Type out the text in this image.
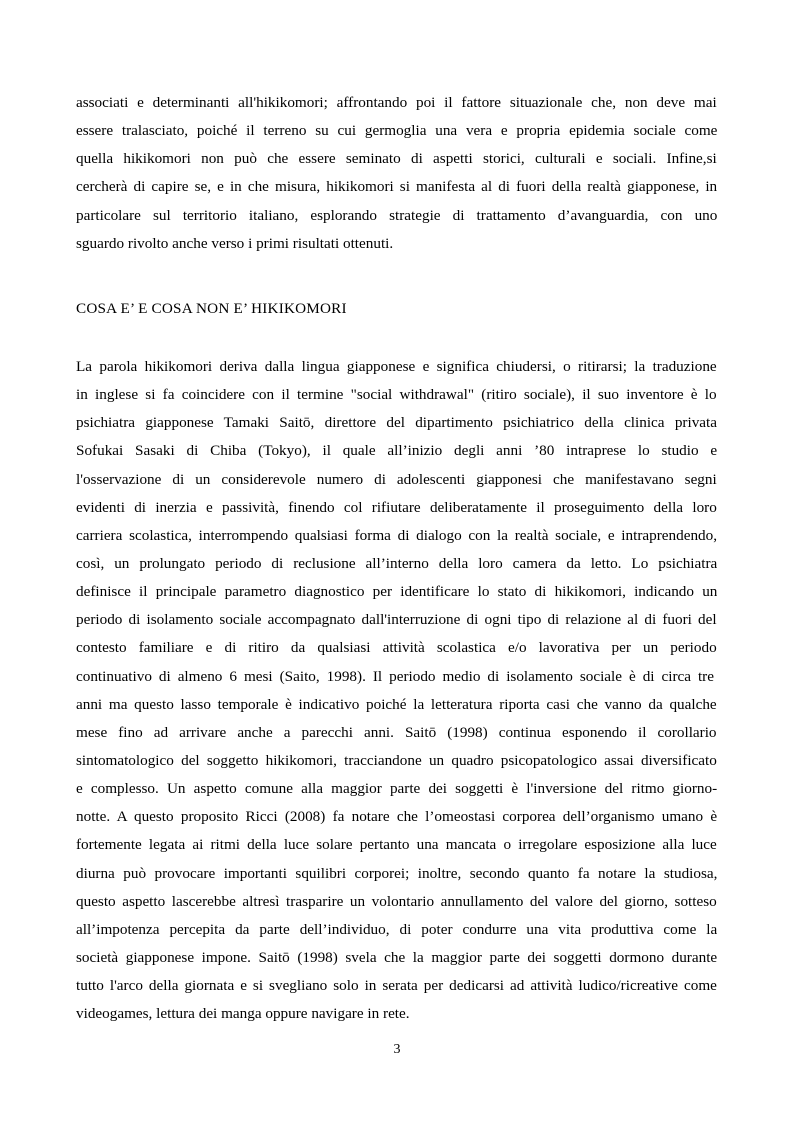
associati e determinanti all'hikikomori; affrontando poi il fattore situazionale che, non deve mai
essere tralasciato, poiché il terreno su cui germoglia una vera e propria epidemia sociale come
quella hikikomori non può che essere seminato di aspetti storici, culturali e sociali. Infine,si
cercherà di capire se, e in che misura, hikikomori si manifesta al di fuori della realtà giapponese, in
particolare sul territorio italiano, esplorando strategie di trattamento d’avanguardia, con uno
sguardo rivolto anche verso i primi risultati ottenuti.

COSA E’ E COSA NON E’ HIKIKOMORI

La parola hikikomori deriva dalla lingua giapponese e significa chiudersi, o ritirarsi; la traduzione
in inglese si fa coincidere con il termine "social withdrawal" (ritiro sociale), il suo inventore è lo
psichiatra giapponese Tamaki Saitō, direttore del dipartimento psichiatrico della clinica privata
Sofukai Sasaki di Chiba (Tokyo), il quale all’inizio degli anni ’80 intraprese lo studio e
l'osservazione di un considerevole numero di adolescenti giapponesi che manifestavano segni
evidenti di inerzia e passività, finendo col rifiutare deliberatamente il proseguimento della loro
carriera scolastica, interrompendo qualsiasi forma di dialogo con la realtà sociale, e intraprendendo,
così, un prolungato periodo di reclusione all’interno della loro camera da letto. Lo psichiatra
definisce il principale parametro diagnostico per identificare lo stato di hikikomori, indicando un
periodo di isolamento sociale accompagnato dall'interruzione di ogni tipo di relazione al di fuori del
contesto familiare e di ritiro da qualsiasi attività scolastica e/o lavorativa per un periodo
continuativo di almeno 6 mesi (Saito, 1998). Il periodo medio di isolamento sociale è di circa tre
anni ma questo lasso temporale è indicativo poiché la letteratura riporta casi che vanno da qualche
mese fino ad arrivare anche a parecchi anni. Saitō (1998) continua esponendo il corollario
sintomatologico del soggetto hikikomori, tracciandone un quadro psicopatologico assai diversificato
e complesso. Un aspetto comune alla maggior parte dei soggetti è l'inversione del ritmo giorno-
notte. A questo proposito Ricci (2008) fa notare che l’omeostasi corporea dell’organismo umano è
fortemente legata ai ritmi della luce solare pertanto una mancata o irregolare esposizione alla luce
diurna può provocare importanti squilibri corporei; inoltre, secondo quanto fa notare la studiosa,
questo aspetto lascerebbe altresì trasparire un volontario annullamento del valore del giorno, sotteso
all’impotenza percepita da parte dell’individuo, di poter condurre una vita produttiva come la
società giapponese impone. Saitō (1998) svela che la maggior parte dei soggetti dormono durante
tutto l'arco della giornata e si svegliano solo in serata per dedicarsi ad attività ludico/ricreative come
videogames, lettura dei manga oppure navigare in rete.

3
